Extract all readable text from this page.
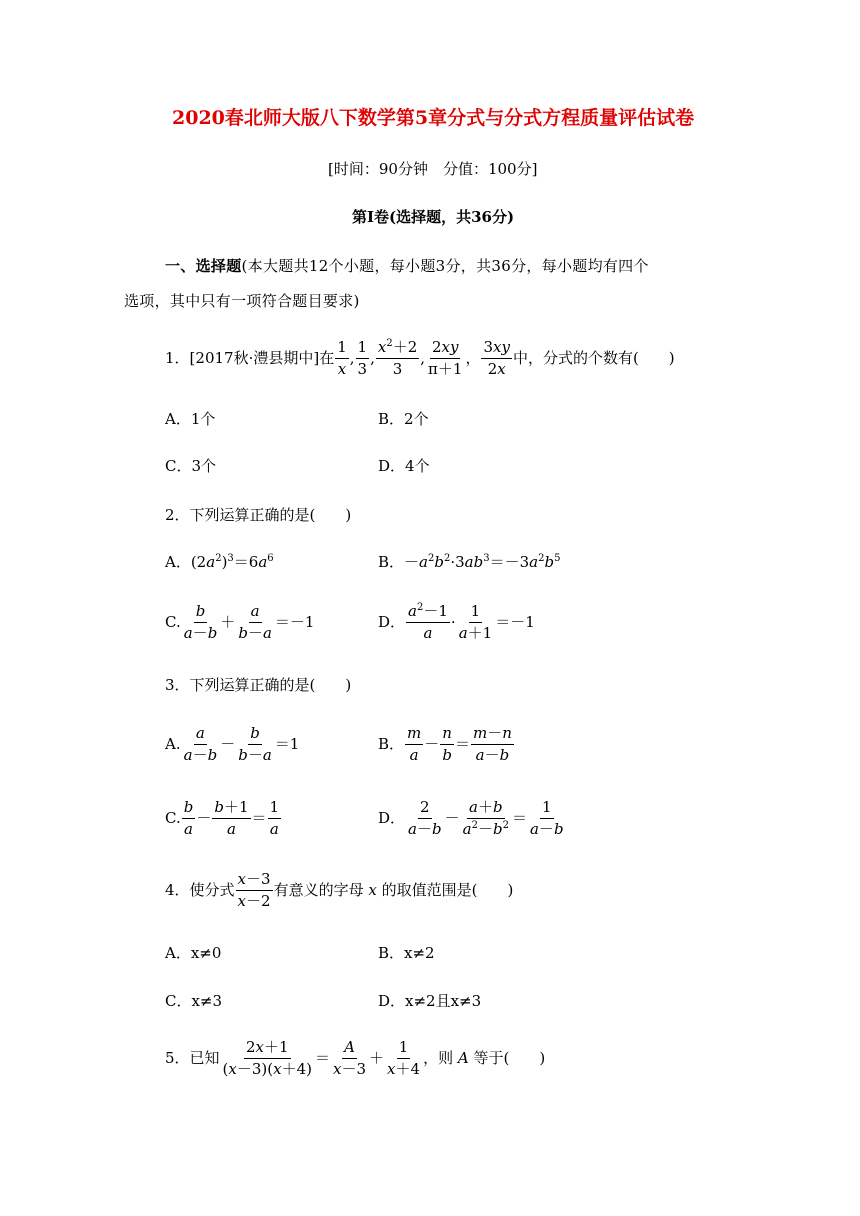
2020春北师大版八下数学第5章分式与分式方程质量评估试卷
[时间：90分钟　分值：100分]
第Ⅰ卷(选择题，共36分)
一、选择题(本大题共12个小题，每小题3分，共36分，每小题均有四个
选项，其中只有一项符合题目要求)
1． [2017秋·澧县期中] 在 $\frac{1}{x}$ , $\frac{1}{3}$ , $\frac{x^2+2}{3}$ , $\frac{2xy}{\pi+1}$ ， $\frac{3xy}{2x}$ 中，分式的个数有(　　)
A．1个	B．2个
C．3个	D．4个
2．下列运算正确的是(　　)
A．$(2a^2)^3=6a^6$	B．$-a^2b^2\cdot 3ab^3=-3a^2b^5$
C. $\frac{b}{a-b} + \frac{a}{b-a} =-1$	D． $\frac{a^2-1}{a} \cdot \frac{1}{a+1} =-1$
3．下列运算正确的是(　　)
A. $\frac{a}{a-b} - \frac{b}{b-a} =1$	B． $\frac{m}{a} - \frac{n}{b} = \frac{m-n}{a-b}$
C. $\frac{b}{a} - \frac{b+1}{a} = \frac{1}{a}$	D． $\frac{2}{a-b} - \frac{a+b}{a^2-b^2} = \frac{1}{a-b}$
4．使分式 $\frac{x-3}{x-2}$ 有意义的字母
x
的取值范围是(　　)
A．x≠0	B．x≠2
C．x≠3	D．x≠2且x≠3
5．已知 $\frac{2x+1}{(x-3)(x+4)} = \frac{A}{x-3} + \frac{1}{x+4}$ ，则
A
等于(　　)
